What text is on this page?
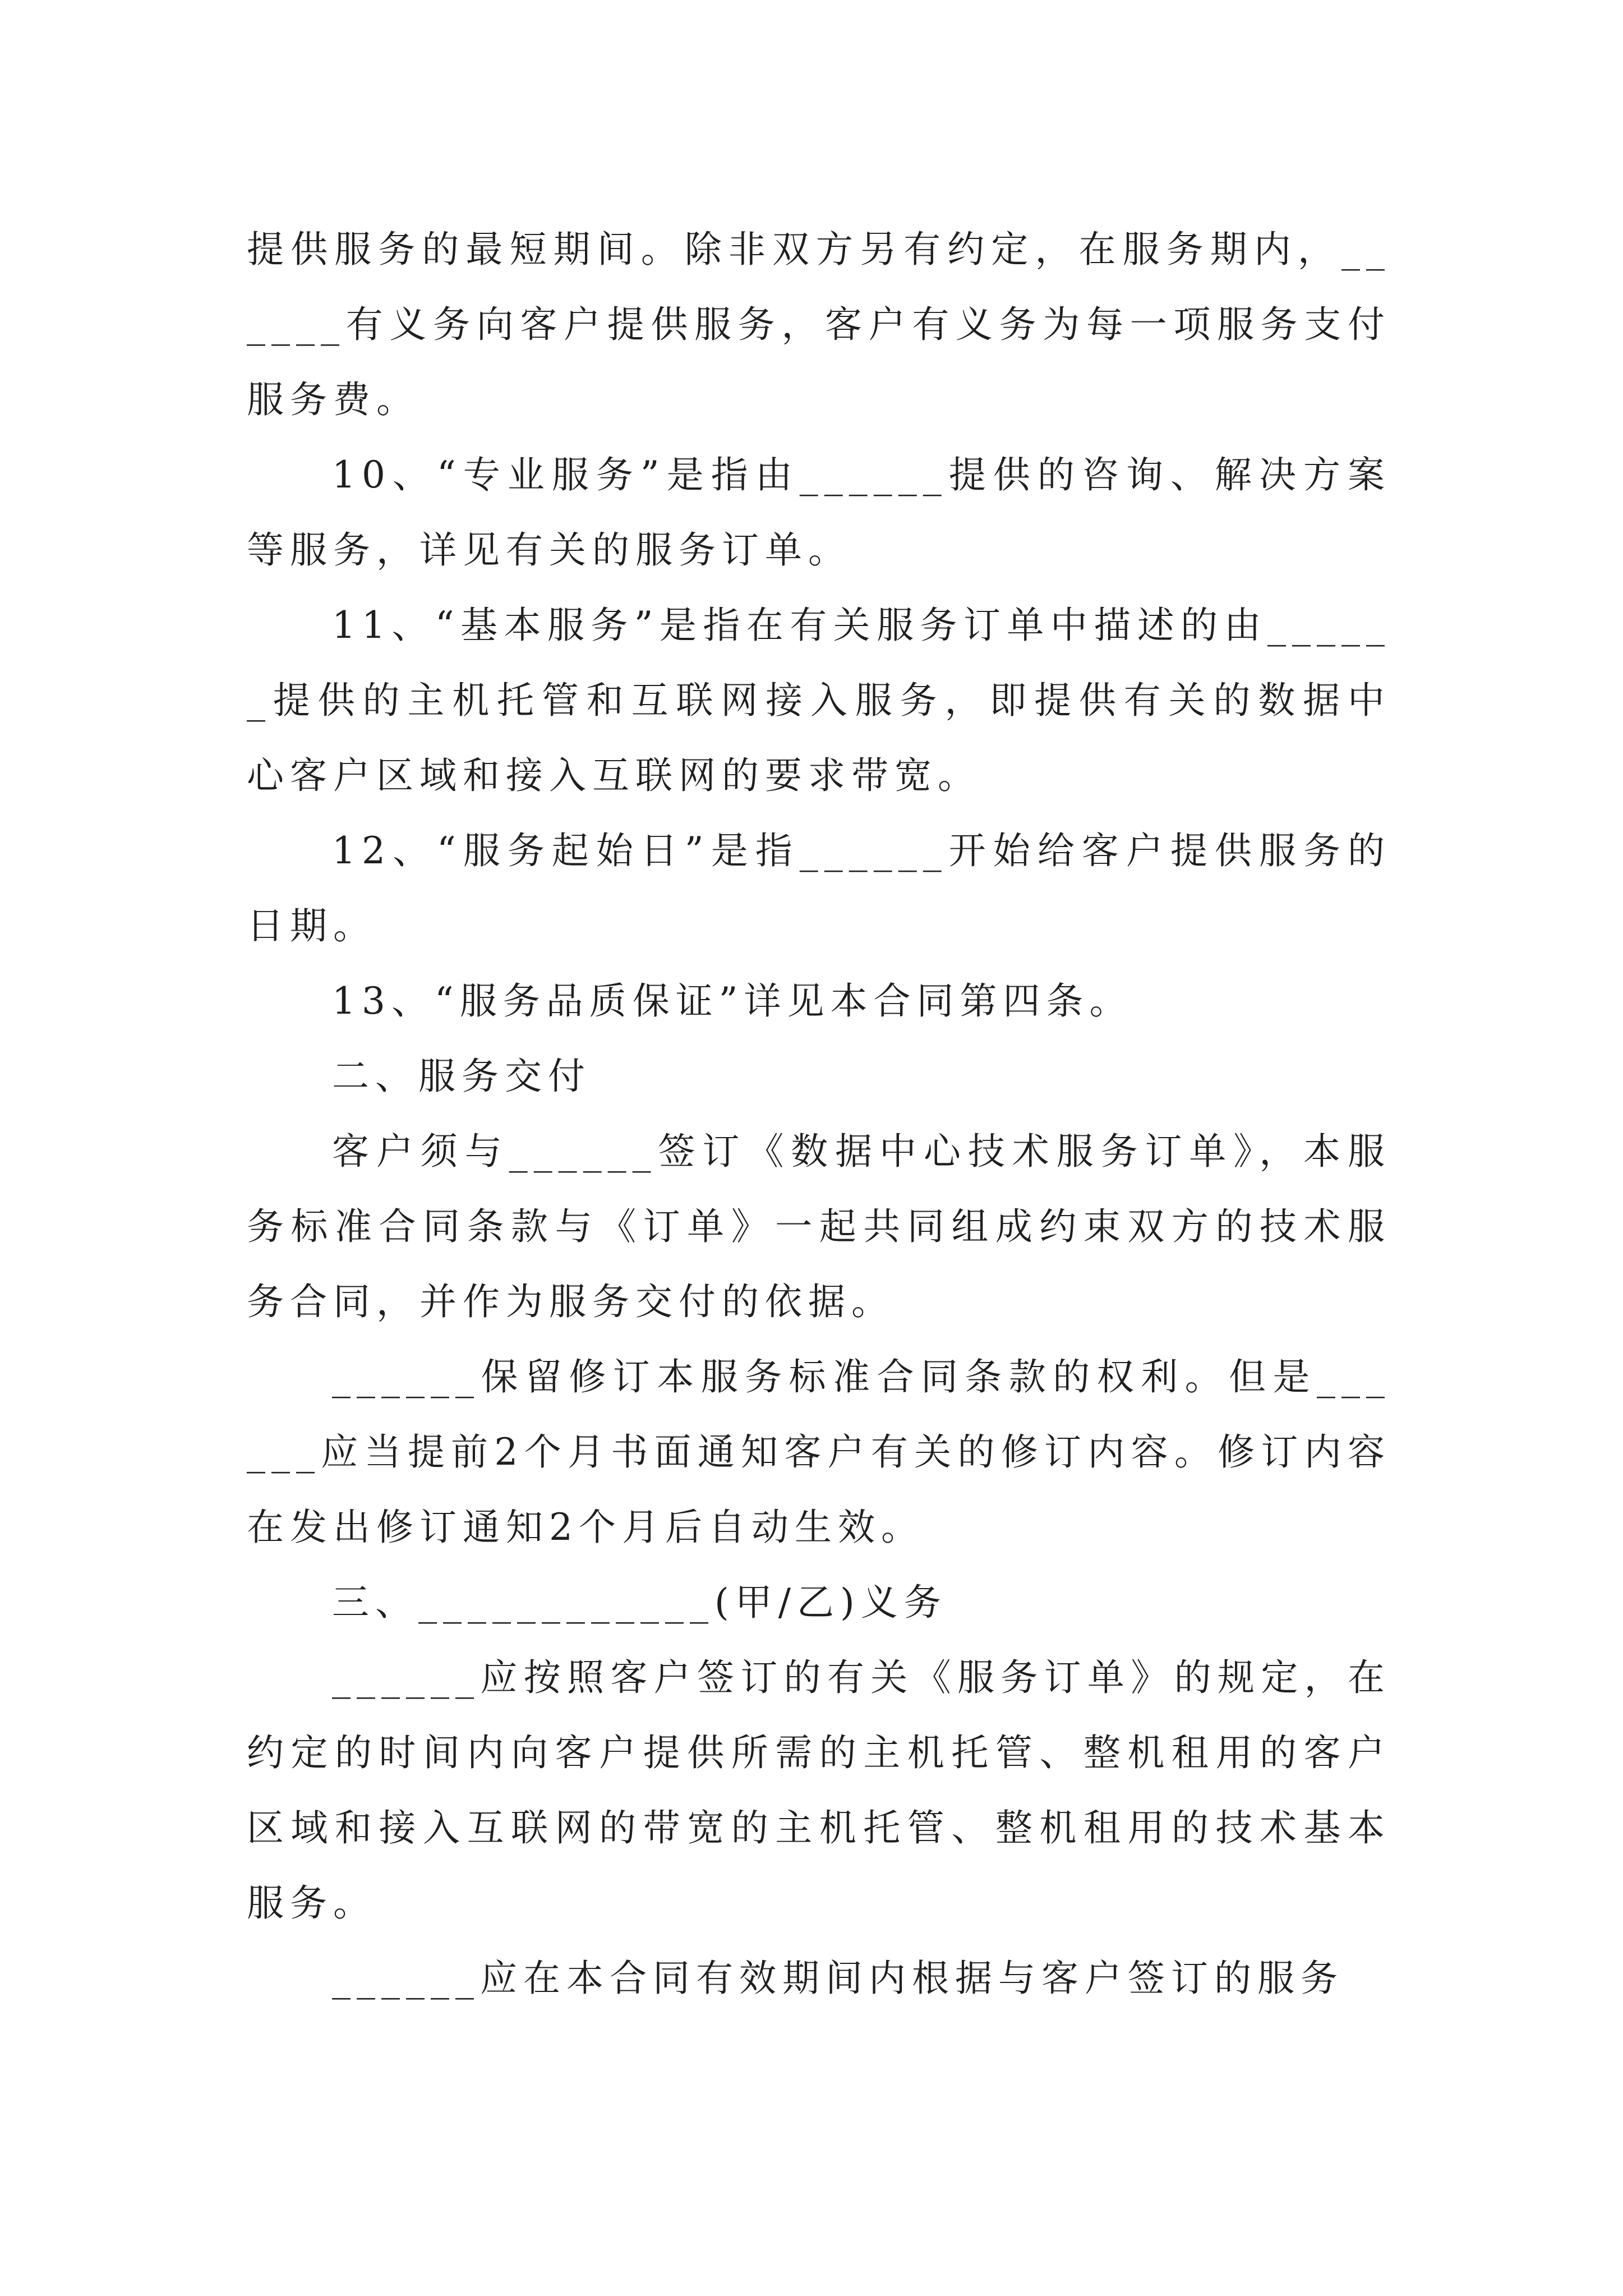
提供服务的最短期间。除非双方另有约定，在服务期内，______有义务向客户提供服务，客户有义务为每一项服务支付服务费。

10、“专业服务”是指由______提供的咨询、解决方案等服务，详见有关的服务订单。

11、“基本服务”是指在有关服务订单中描述的由______提供的主机托管和互联网接入服务，即提供有关的数据中心客户区域和接入互联网的要求带宽。

12、“服务起始日”是指______开始给客户提供服务的日期。

13、“服务品质保证”详见本合同第四条。

二、服务交付

客户须与______签订《数据中心技术服务订单》，本服务标准合同条款与《订单》一起共同组成约束双方的技术服务合同，并作为服务交付的依据。

______保留修订本服务标准合同条款的权利。但是______应当提前2个月书面通知客户有关的修订内容。修订内容在发出修订通知2个月后自动生效。

三、____________(甲/乙)义务

______应按照客户签订的有关《服务订单》的规定，在约定的时间内向客户提供所需的主机托管、整机租用的客户区域和接入互联网的带宽的主机托管、整机租用的技术基本服务。

______应在本合同有效期间内根据与客户签订的服务
